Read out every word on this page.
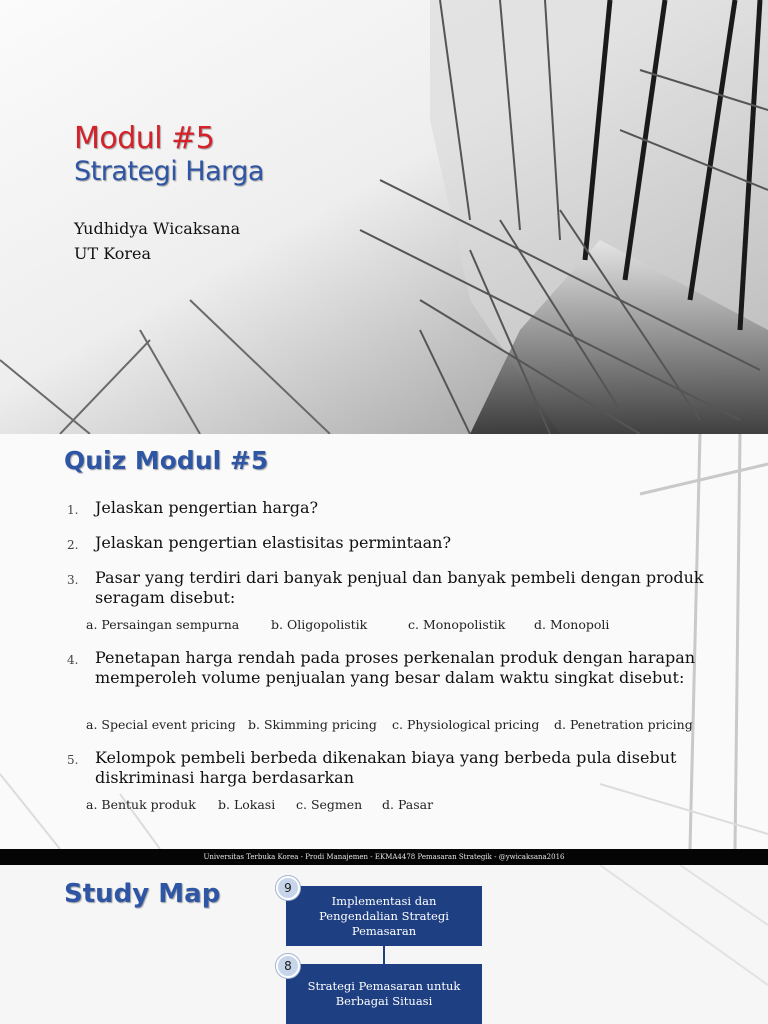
Modul #5
Strategi Harga
Yudhidya Wicaksana
UT Korea
Quiz Modul #5
1.	Jelaskan pengertian harga?
2.	Jelaskan pengertian elastisitas permintaan?
3.	Pasar yang terdiri dari banyak penjual dan banyak pembeli dengan produk seragam disebut:
a. Persaingan sempurna	b. Oligopolistik	c. Monopolistik d. Monopoli
4.	Penetapan harga rendah pada proses perkenalan produk dengan harapan memperoleh volume penjualan yang besar dalam waktu singkat disebut:
a. Special event pricing b. Skimming pricing c. Physiological pricing d. Penetration pricing
5.	Kelompok pembeli berbeda dikenakan biaya yang berbeda pula disebut diskriminasi harga berdasarkan
a. Bentuk produk b. Lokasi c. Segmen d. Pasar
Universitas Terbuka Korea - Prodi Manajemen - EKMA4478 Pemasaran Strategik - @ywicaksana2016
Study Map	Implementasi dan Pengendalian Strategi Pemasaran
9
Strategi Pemasaran untuk Berbagai Situasi
8
